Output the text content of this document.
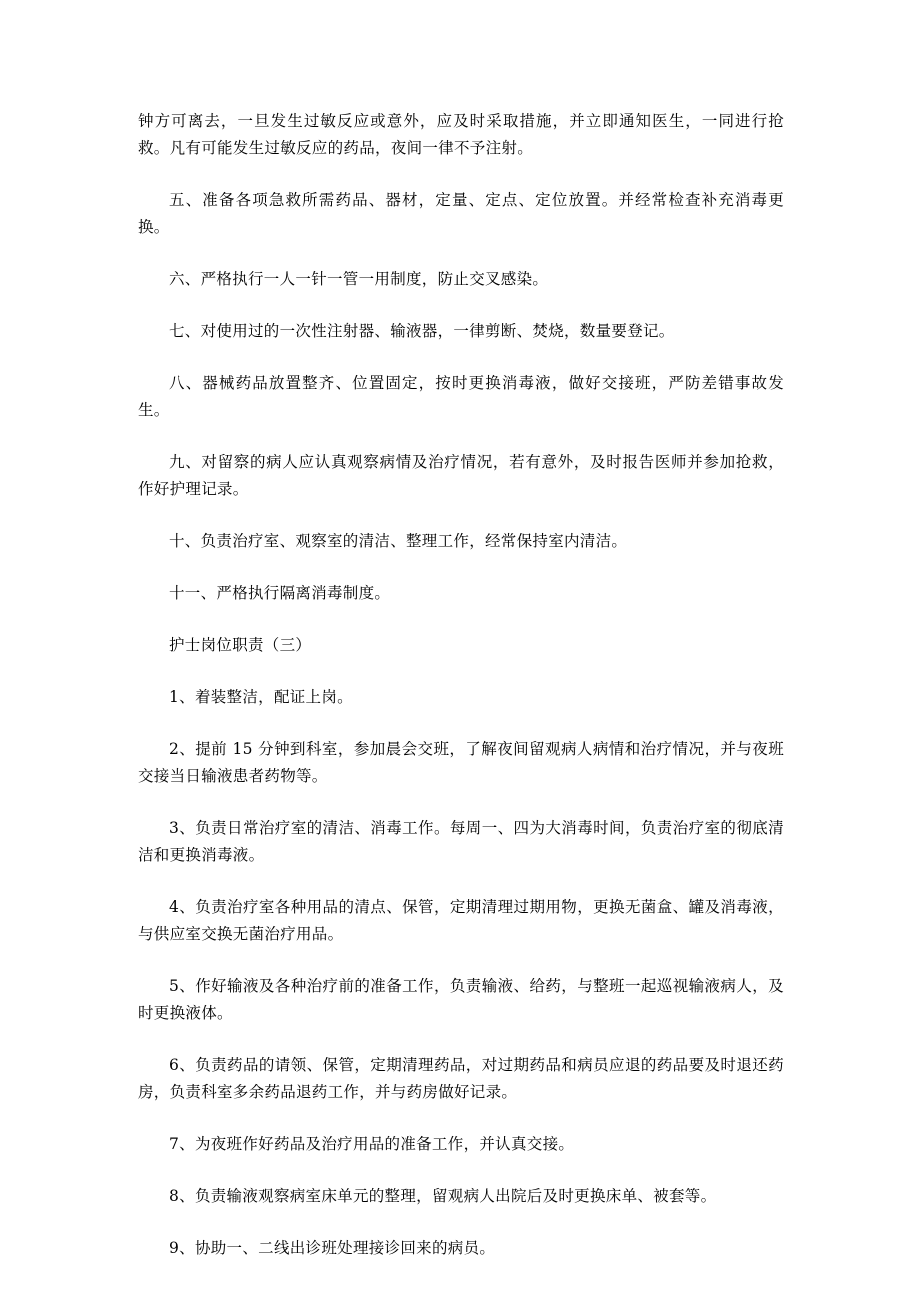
钟方可离去，一旦发生过敏反应或意外，应及时采取措施，并立即通知医生，一同进行抢救。凡有可能发生过敏反应的药品，夜间一律不予注射。

五、准备各项急救所需药品、器材，定量、定点、定位放置。并经常检查补充消毒更换。

六、严格执行一人一针一管一用制度，防止交叉感染。

七、对使用过的一次性注射器、输液器，一律剪断、焚烧，数量要登记。

八、器械药品放置整齐、位置固定，按时更换消毒液，做好交接班，严防差错事故发生。

九、对留察的病人应认真观察病情及治疗情况，若有意外，及时报告医师并参加抢救，作好护理记录。

十、负责治疗室、观察室的清洁、整理工作，经常保持室内清洁。

十一、严格执行隔离消毒制度。

护士岗位职责（三）

1、着装整洁，配证上岗。

2、提前 15 分钟到科室，参加晨会交班，了解夜间留观病人病情和治疗情况，并与夜班交接当日输液患者药物等。

3、负责日常治疗室的清洁、消毒工作。每周一、四为大消毒时间，负责治疗室的彻底清洁和更换消毒液。

4、负责治疗室各种用品的清点、保管，定期清理过期用物，更换无菌盒、罐及消毒液，与供应室交换无菌治疗用品。

5、作好输液及各种治疗前的准备工作，负责输液、给药，与整班一起巡视输液病人，及时更换液体。

6、负责药品的请领、保管，定期清理药品，对过期药品和病员应退的药品要及时退还药房，负责科室多余药品退药工作，并与药房做好记录。

7、为夜班作好药品及治疗用品的准备工作，并认真交接。

8、负责输液观察病室床单元的整理，留观病人出院后及时更换床单、被套等。

9、协助一、二线出诊班处理接诊回来的病员。
